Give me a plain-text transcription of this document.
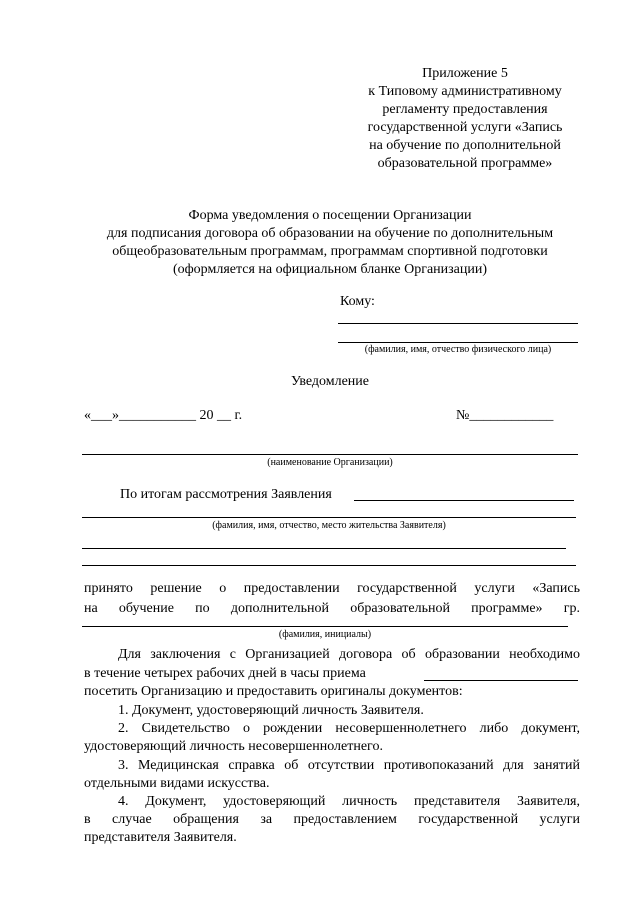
Приложение 5
к Типовому административному
регламенту предоставления
государственной услуги «Запись
на обучение по дополнительной
образовательной программе»
Форма уведомления о посещении Организации
для подписания договора об образовании на обучение по дополнительным
общеобразовательным программам, программам спортивной подготовки
(оформляется на официальном бланке Организации)
Кому:
(фамилия, имя, отчество физического лица)
Уведомление
«___»___________ 20 __ г.	№____________
(наименование Организации)
По итогам рассмотрения Заявления
(фамилия, имя, отчество, место жительства Заявителя)
принято решение о предоставлении государственной услуги «Запись
на обучение по дополнительной образовательной программе» гр.
(фамилия, инициалы)
Для заключения с Организацией договора об образовании необходимо
в течение четырех рабочих дней в часы приема
посетить Организацию и предоставить оригиналы документов:
1. Документ, удостоверяющий личность Заявителя.
2. Свидетельство о рождении несовершеннолетнего либо документ,
удостоверяющий личность несовершеннолетнего.
3. Медицинская справка об отсутствии противопоказаний для занятий
отдельными видами искусства.
4. Документ, удостоверяющий личность представителя Заявителя,
в случае обращения за предоставлением государственной услуги
представителя Заявителя.
